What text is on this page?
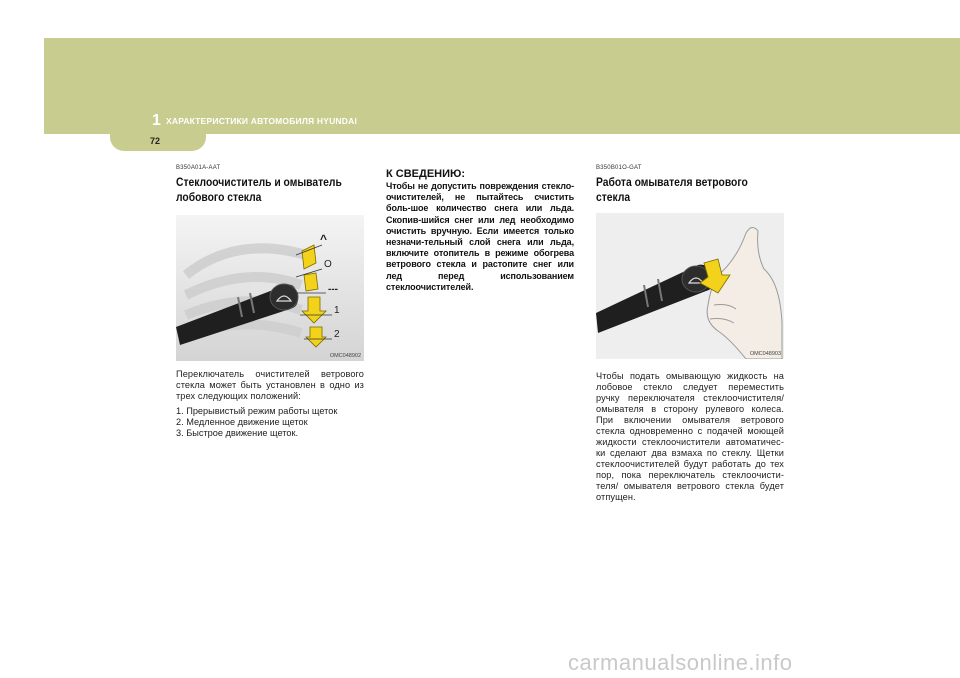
1 ХАРАКТЕРИСТИКИ АВТОМОБИЛЯ HYUNDAI
72
B350A01A-AAT
Стеклоочиститель и омыватель лобового стекла
^
O
---
1
2
OMC048902
Переключатель очистителей ветрового стекла может быть установлен в одно из трех следующих положений:
1. Прерывистый режим работы щеток
2. Медленное движение щеток
3. Быстрое движение щеток.
К СВЕДЕНИЮ:
Чтобы не допустить повреждения стекло-очистителей, не пытайтесь счистить боль-шое количество снега или льда. Скопив-шийся снег или лед необходимо очистить вручную. Если имеется только незначи-тельный слой снега или льда, включите отопитель в режиме обогрева ветрового стекла и растопите снег или лед перед использованием стеклоочистителей.
B350B01O-GAT
Работа омывателя ветрового стекла
OMC048903
Чтобы подать омывающую жидкость на лобовое стекло следует переместить ручку переключателя стеклоочистителя/ омывателя в сторону рулевого колеса. При включении омывателя ветрового стекла одновременно с подачей моющей жидкости стеклоочистители автоматичес-ки сделают два взмаха по стеклу. Щетки стеклоочистителей будут работать до тех пор, пока переключатель стеклоочисти-теля/ омывателя ветрового стекла будет отпущен.
carmanualsonline.info
